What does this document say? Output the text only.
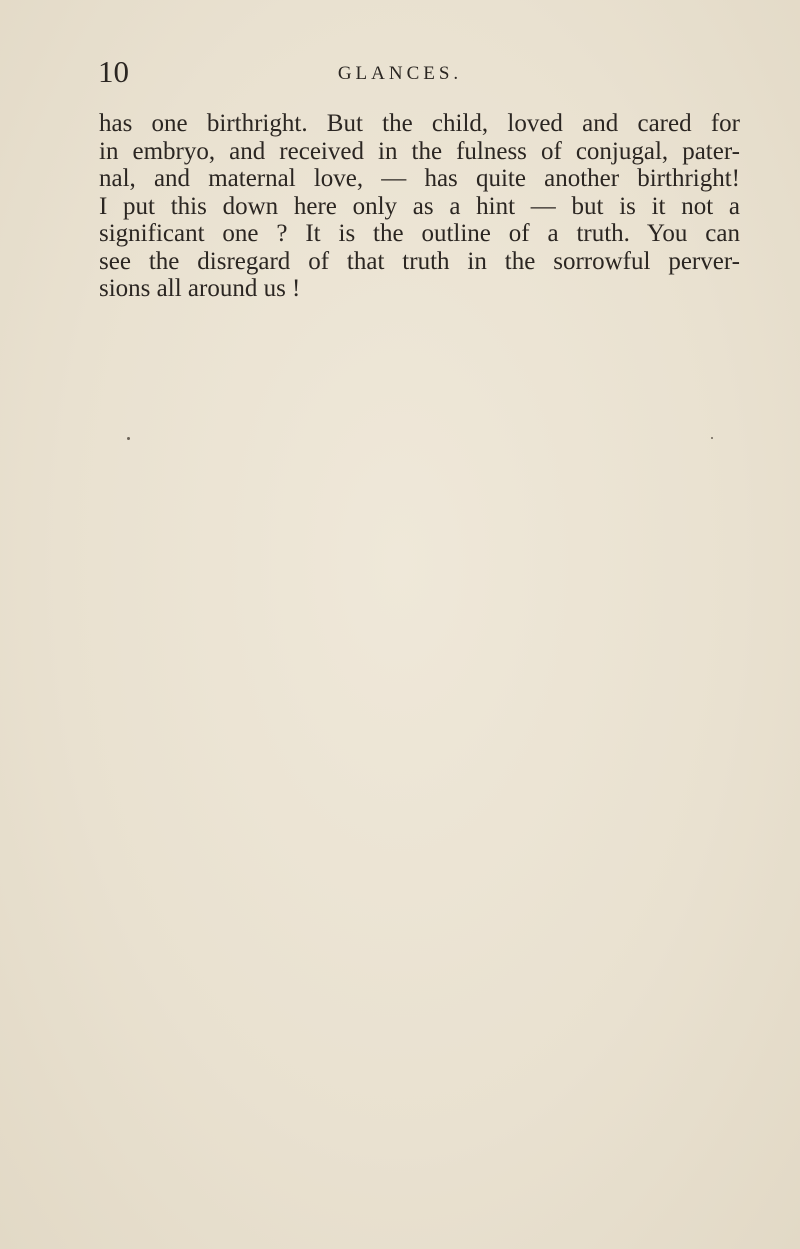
10	GLANCES.
has one birthright. But the child, loved and cared for
in embryo, and received in the fulness of conjugal, pater-
nal, and maternal love, — has quite another birthright!
I put this down here only as a hint — but is it not a
significant one ? It is the outline of a truth. You can
see the disregard of that truth in the sorrowful perver-
sions all around us !
